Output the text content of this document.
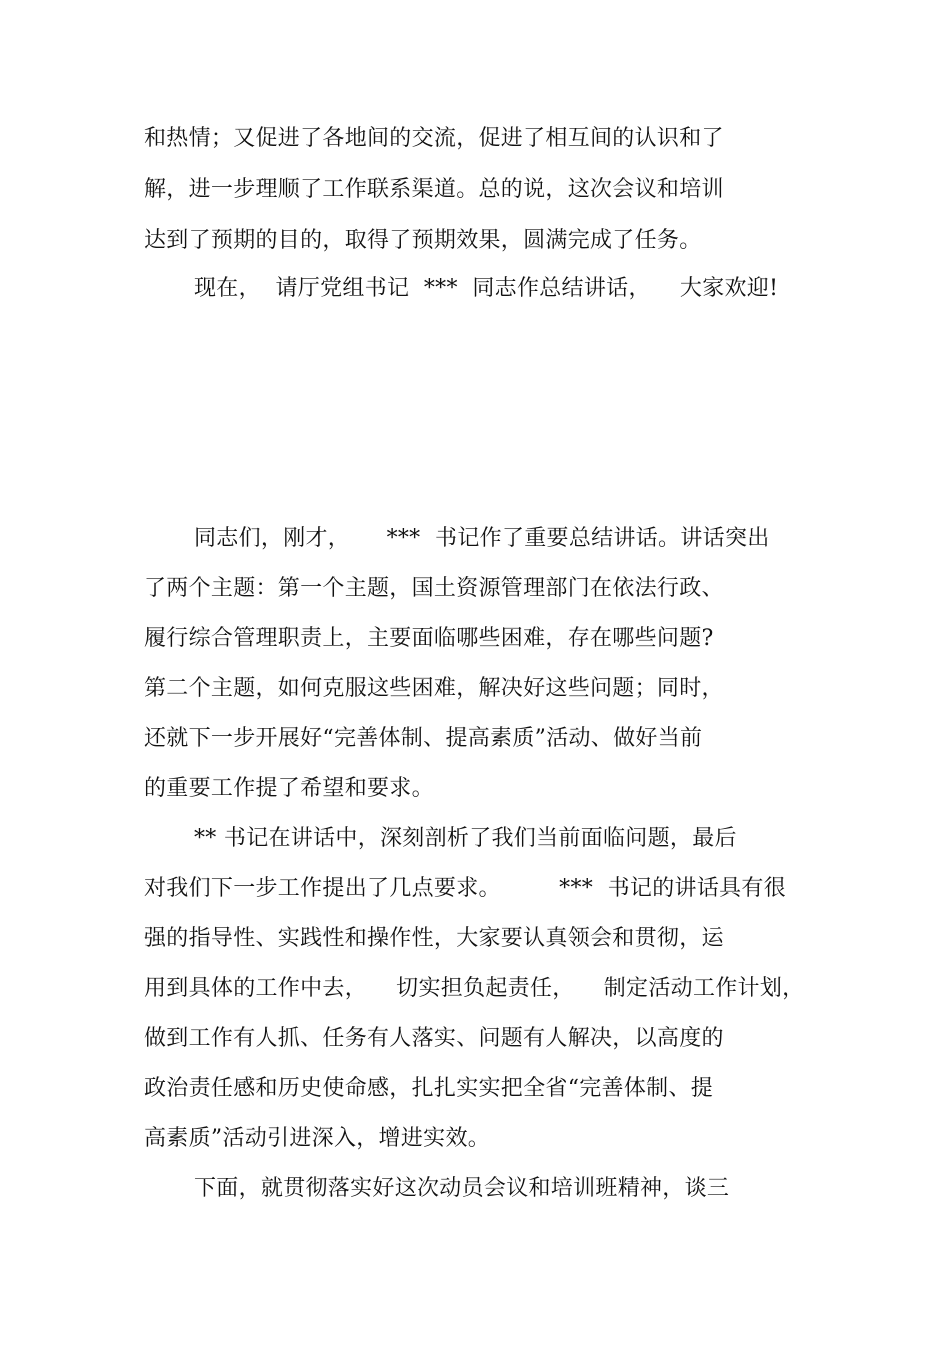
和热情；又促进了各地间的交流，促进了相互间的认识和了
解，进一步理顺了工作联系渠道。总的说，这次会议和培训
达到了预期的目的，取得了预期效果，圆满完成了任务。
现在，  请厅党组书记  ***  同志作总结讲话，    大家欢迎!
同志们，刚才，     ***  书记作了重要总结讲话。讲话突出
了两个主题：第一个主题，国土资源管理部门在依法行政、
履行综合管理职责上，主要面临哪些困难，存在哪些问题?
第二个主题，如何克服这些困难，解决好这些问题；同时，
还就下一步开展好“完善体制、提高素质”活动、做好当前
的重要工作提了希望和要求。
** 书记在讲话中，深刻剖析了我们当前面临问题，最后
对我们下一步工作提出了几点要求。        ***  书记的讲话具有很
强的指导性、实践性和操作性，大家要认真领会和贯彻，运
用到具体的工作中去，    切实担负起责任，    制定活动工作计划，
做到工作有人抓、任务有人落实、问题有人解决，以高度的
政治责任感和历史使命感，扎扎实实把全省“完善体制、提
高素质”活动引进深入，增进实效。
下面，就贯彻落实好这次动员会议和培训班精神，谈三
